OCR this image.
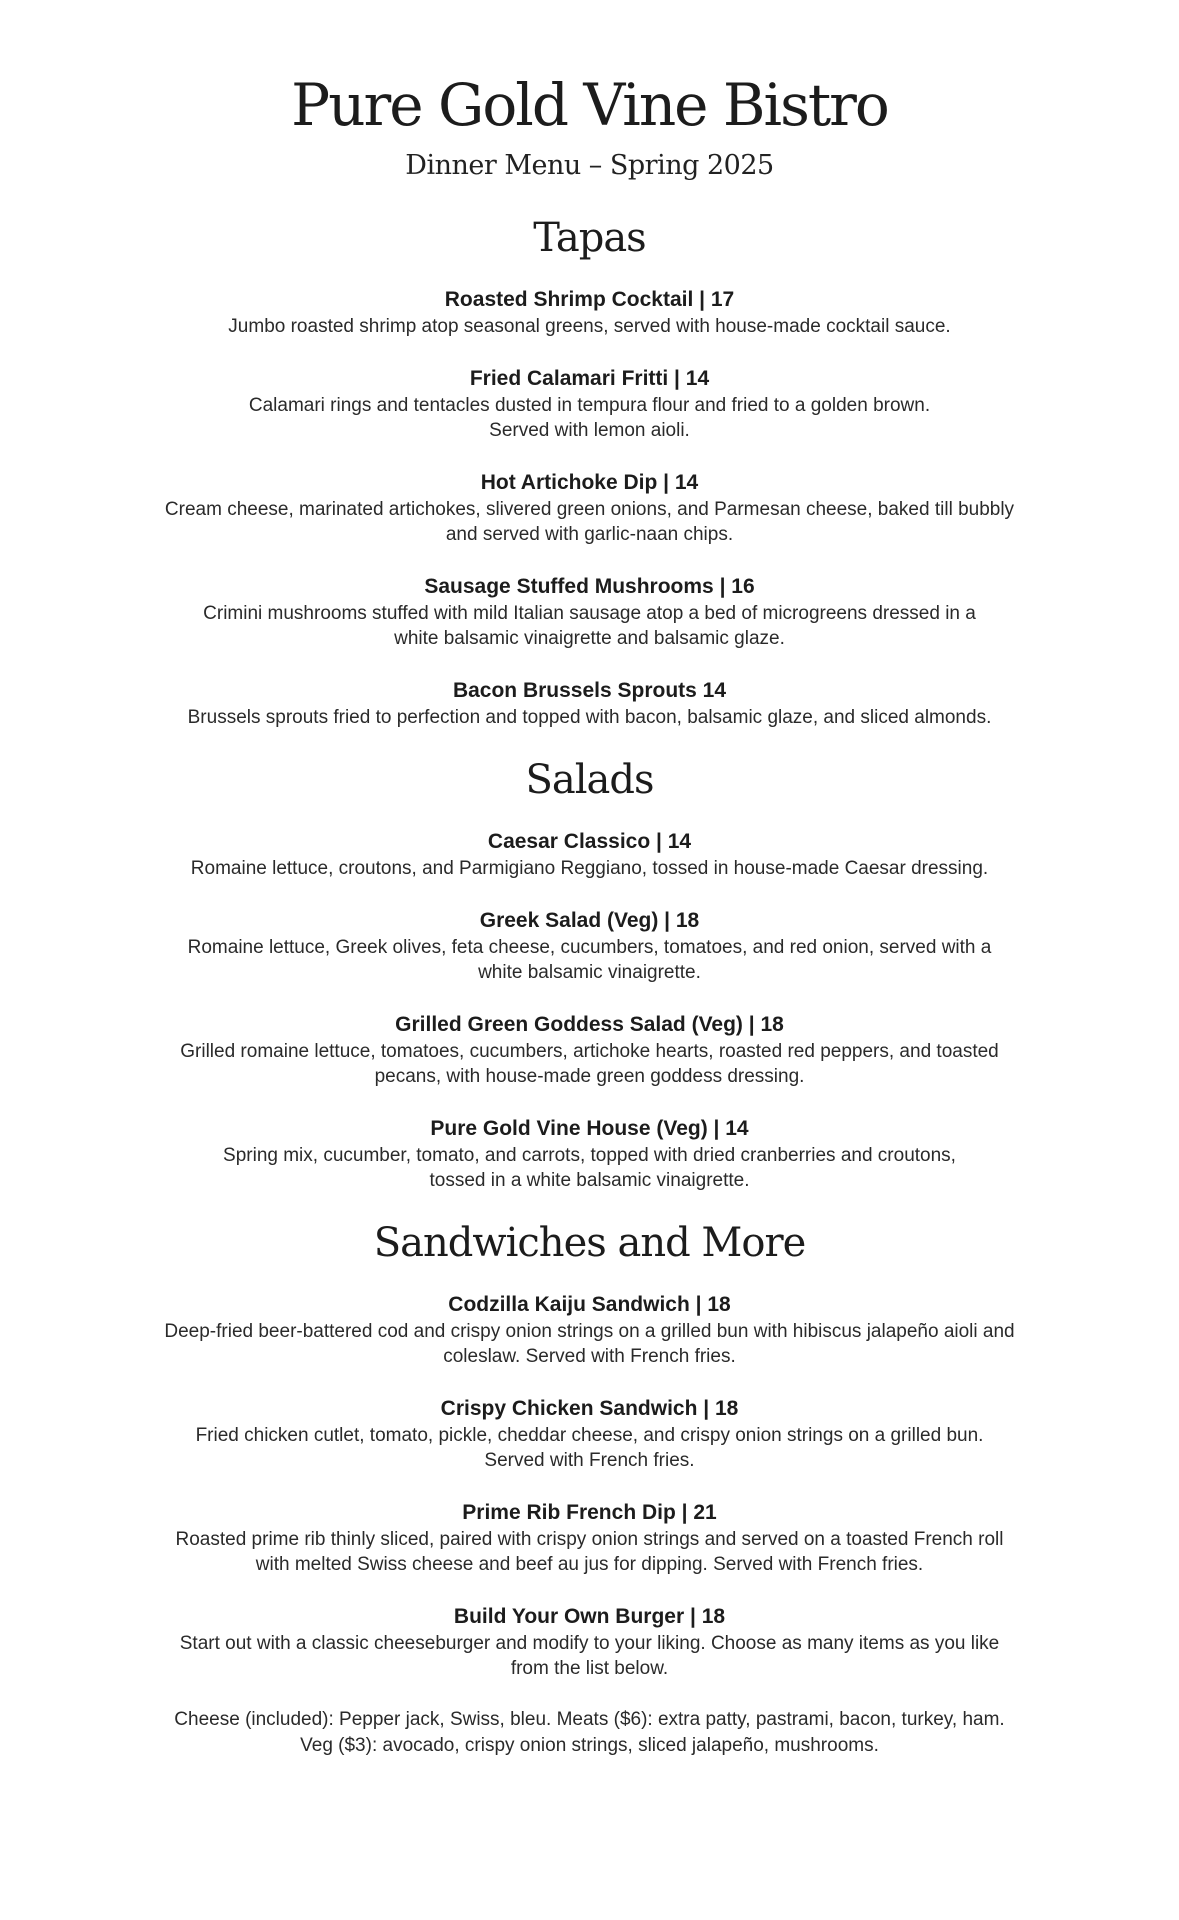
Pure Gold Vine Bistro
Dinner Menu – Spring 2025
Tapas
Roasted Shrimp Cocktail | 17
Jumbo roasted shrimp atop seasonal greens, served with house-made cocktail sauce.
Fried Calamari Fritti | 14
Calamari rings and tentacles dusted in tempura flour and fried to a golden brown.
Served with lemon aioli.
Hot Artichoke Dip | 14
Cream cheese, marinated artichokes, slivered green onions, and Parmesan cheese, baked till bubbly
and served with garlic-naan chips.
Sausage Stuffed Mushrooms | 16
Crimini mushrooms stuffed with mild Italian sausage atop a bed of microgreens dressed in a
white balsamic vinaigrette and balsamic glaze.
Bacon Brussels Sprouts 14
Brussels sprouts fried to perfection and topped with bacon, balsamic glaze, and sliced almonds.
Salads
Caesar Classico | 14
Romaine lettuce, croutons, and Parmigiano Reggiano, tossed in house-made Caesar dressing.
Greek Salad (Veg) | 18
Romaine lettuce, Greek olives, feta cheese, cucumbers, tomatoes, and red onion, served with a
white balsamic vinaigrette.
Grilled Green Goddess Salad (Veg) | 18
Grilled romaine lettuce, tomatoes, cucumbers, artichoke hearts, roasted red peppers, and toasted
pecans, with house-made green goddess dressing.
Pure Gold Vine House (Veg) | 14
Spring mix, cucumber, tomato, and carrots, topped with dried cranberries and croutons,
tossed in a white balsamic vinaigrette.
Sandwiches and More
Codzilla Kaiju Sandwich | 18
Deep-fried beer-battered cod and crispy onion strings on a grilled bun with hibiscus jalapeño aioli and
coleslaw. Served with French fries.
Crispy Chicken Sandwich | 18
Fried chicken cutlet, tomato, pickle, cheddar cheese, and crispy onion strings on a grilled bun.
Served with French fries.
Prime Rib French Dip | 21
Roasted prime rib thinly sliced, paired with crispy onion strings and served on a toasted French roll
with melted Swiss cheese and beef au jus for dipping. Served with French fries.
Build Your Own Burger | 18
Start out with a classic cheeseburger and modify to your liking. Choose as many items as you like
from the list below.
Cheese (included): Pepper jack, Swiss, bleu. Meats ($6): extra patty, pastrami, bacon, turkey, ham.
Veg ($3): avocado, crispy onion strings, sliced jalapeño, mushrooms.
